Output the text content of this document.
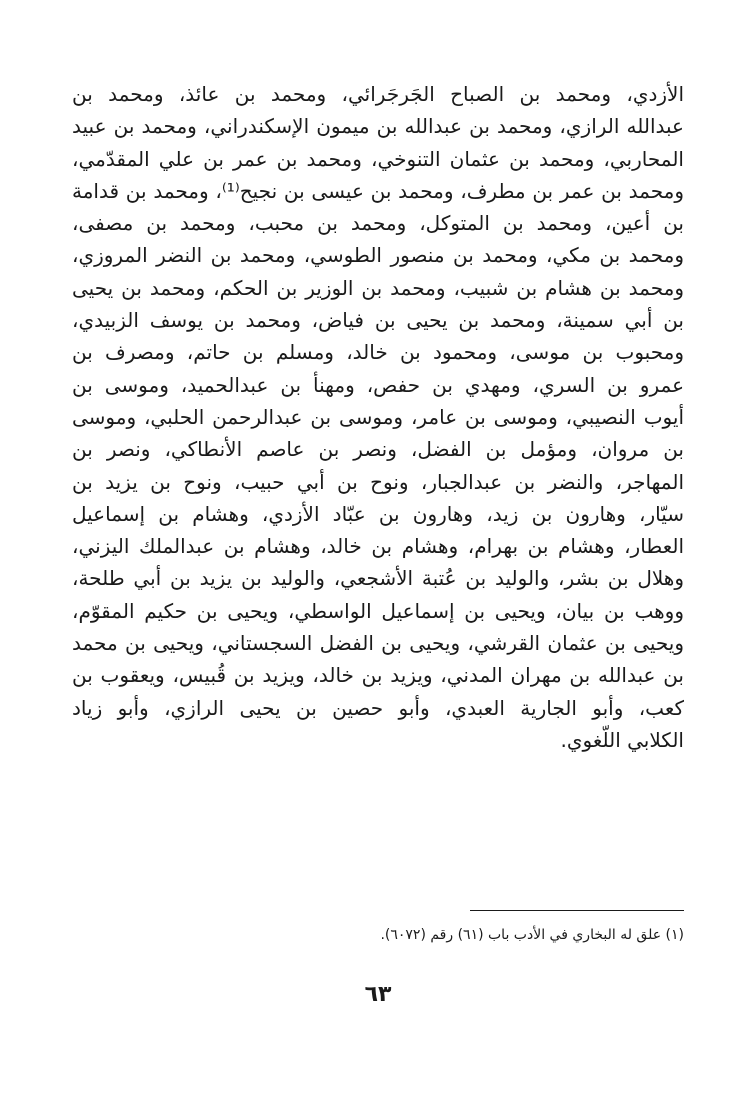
الأزدي، ومحمد بن الصباح الجَرجَرائي، ومحمد بن عائذ، ومحمد بن
عبدالله الرازي، ومحمد بن عبدالله بن ميمون الإسكندراني، ومحمد بن عبيد
المحاربي، ومحمد بن عثمان التنوخي، ومحمد بن عمر بن علي المقدّمي،
ومحمد بن عمر بن مطرف، ومحمد بن عيسى بن نجيح⁽¹⁾، ومحمد بن قدامة
بن أعين، ومحمد بن المتوكل، ومحمد بن محبب، ومحمد بن مصفى،
ومحمد بن مكي، ومحمد بن منصور الطوسي، ومحمد بن النضر المروزي،
ومحمد بن هشام بن شبيب، ومحمد بن الوزير بن الحكم، ومحمد بن يحيى
بن أبي سمينة، ومحمد بن يحيى بن فياض، ومحمد بن يوسف الزبيدي،
ومحبوب بن موسى، ومحمود بن خالد، ومسلم بن حاتم، ومصرف بن
عمرو بن السري، ومهدي بن حفص، ومهنأ بن عبدالحميد، وموسى بن
أيوب النصيبي، وموسى بن عامر، وموسى بن عبدالرحمن الحلبي، وموسى
بن مروان، ومؤمل بن الفضل، ونصر بن عاصم الأنطاكي، ونصر بن
المهاجر، والنضر بن عبدالجبار، ونوح بن أبي حبيب، ونوح بن يزيد بن
سيّار، وهارون بن زيد، وهارون بن عبّاد الأزدي، وهشام بن إسماعيل
العطار، وهشام بن بهرام، وهشام بن خالد، وهشام بن عبدالملك اليزني،
وهلال بن بشر، والوليد بن عُتبة الأشجعي، والوليد بن يزيد بن أبي طلحة،
ووهب بن بيان، ويحيى بن إسماعيل الواسطي، ويحيى بن حكيم المقوّم،
ويحيى بن عثمان القرشي، ويحيى بن الفضل السجستاني، ويحيى بن محمد
بن عبدالله بن مهران المدني، ويزيد بن خالد، ويزيد بن قُبيس، ويعقوب بن
كعب، وأبو الجارية العبدي، وأبو حصين بن يحيى الرازي، وأبو زياد
الكلابي اللّغوي.
(١) علق له البخاري في الأدب باب (٦١) رقم (٦٠٧٢).
٦٣
